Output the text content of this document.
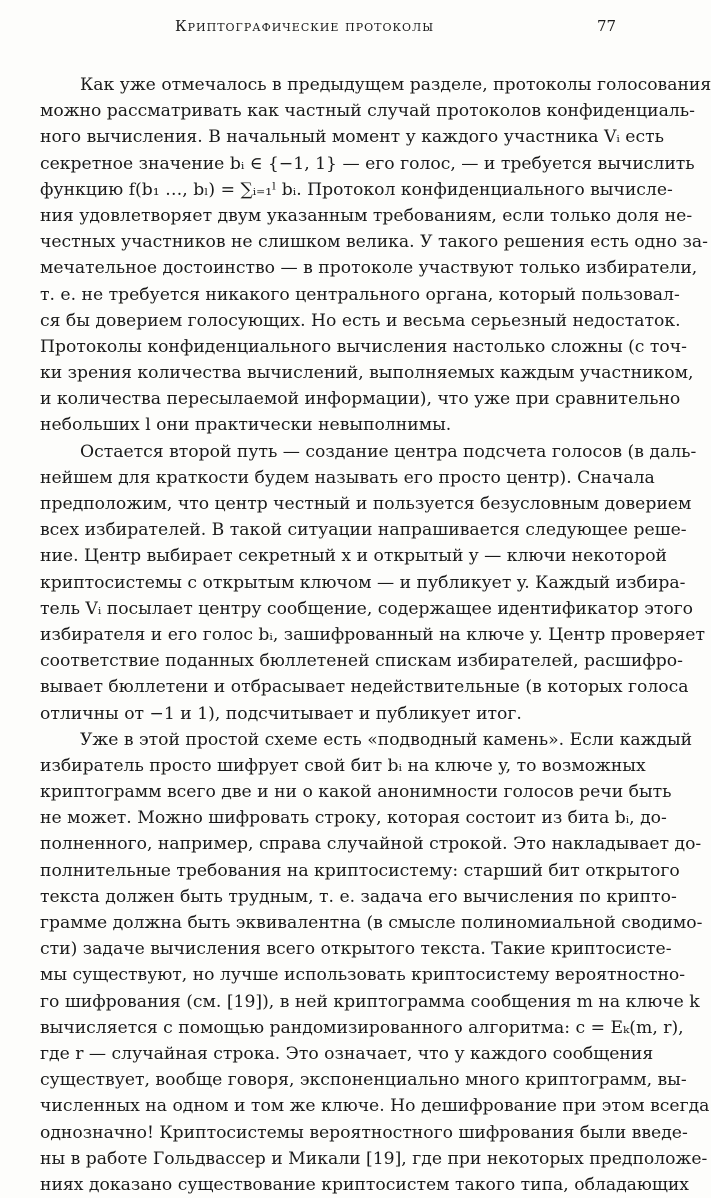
Криптографические протоколы	77
Как уже отмечалось в предыдущем разделе, протоколы голосования
можно рассматривать как частный случай протоколов конфиденциаль-
ного вычисления. В начальный момент у каждого участника Vᵢ есть
секретное значение bᵢ ∈ {−1, 1} — его голос, — и требуется вычислить
функцию f(b₁ …, bₗ) = ∑ᵢ₌₁ˡ bᵢ. Протокол конфиденциального вычисле-
ния удовлетворяет двум указанным требованиям, если только доля не-
честных участников не слишком велика. У такого решения есть одно за-
мечательное достоинство — в протоколе участвуют только избиратели,
т. е. не требуется никакого центрального органа, который пользовал-
ся бы доверием голосующих. Но есть и весьма серьезный недостаток.
Протоколы конфиденциального вычисления настолько сложны (с точ-
ки зрения количества вычислений, выполняемых каждым участником,
и количества пересылаемой информации), что уже при сравнительно
небольших l они практически невыполнимы.
Остается второй путь — создание центра подсчета голосов (в даль-
нейшем для краткости будем называть его просто центр). Сначала
предположим, что центр честный и пользуется безусловным доверием
всех избирателей. В такой ситуации напрашивается следующее реше-
ние. Центр выбирает секретный x и открытый y — ключи некоторой
криптосистемы с открытым ключом — и публикует y. Каждый избира-
тель Vᵢ посылает центру сообщение, содержащее идентификатор этого
избирателя и его голос bᵢ, зашифрованный на ключе y. Центр проверяет
соответствие поданных бюллетеней спискам избирателей, расшифро-
вывает бюллетени и отбрасывает недействительные (в которых голоса
отличны от −1 и 1), подсчитывает и публикует итог.
Уже в этой простой схеме есть «подводный камень». Если каждый
избиратель просто шифрует свой бит bᵢ на ключе y, то возможных
криптограмм всего две и ни о какой анонимности голосов речи быть
не может. Можно шифровать строку, которая состоит из бита bᵢ, до-
полненного, например, справа случайной строкой. Это накладывает до-
полнительные требования на криптосистему: старший бит открытого
текста должен быть трудным, т. е. задача его вычисления по крипто-
грамме должна быть эквивалентна (в смысле полиномиальной сводимо-
сти) задаче вычисления всего открытого текста. Такие криптосисте-
мы существуют, но лучше использовать криптосистему вероятностно-
го шифрования (см. [19]), в ней криптограмма сообщения m на ключе k
вычисляется с помощью рандомизированного алгоритма: c = Eₖ(m, r),
где r — случайная строка. Это означает, что у каждого сообщения
существует, вообще говоря, экспоненциально много криптограмм, вы-
численных на одном и том же ключе. Но дешифрование при этом всегда
однозначно! Криптосистемы вероятностного шифрования были введе-
ны в работе Гольдвассер и Микали [19], где при некоторых предположе-
ниях доказано существование криптосистем такого типа, обладающих
